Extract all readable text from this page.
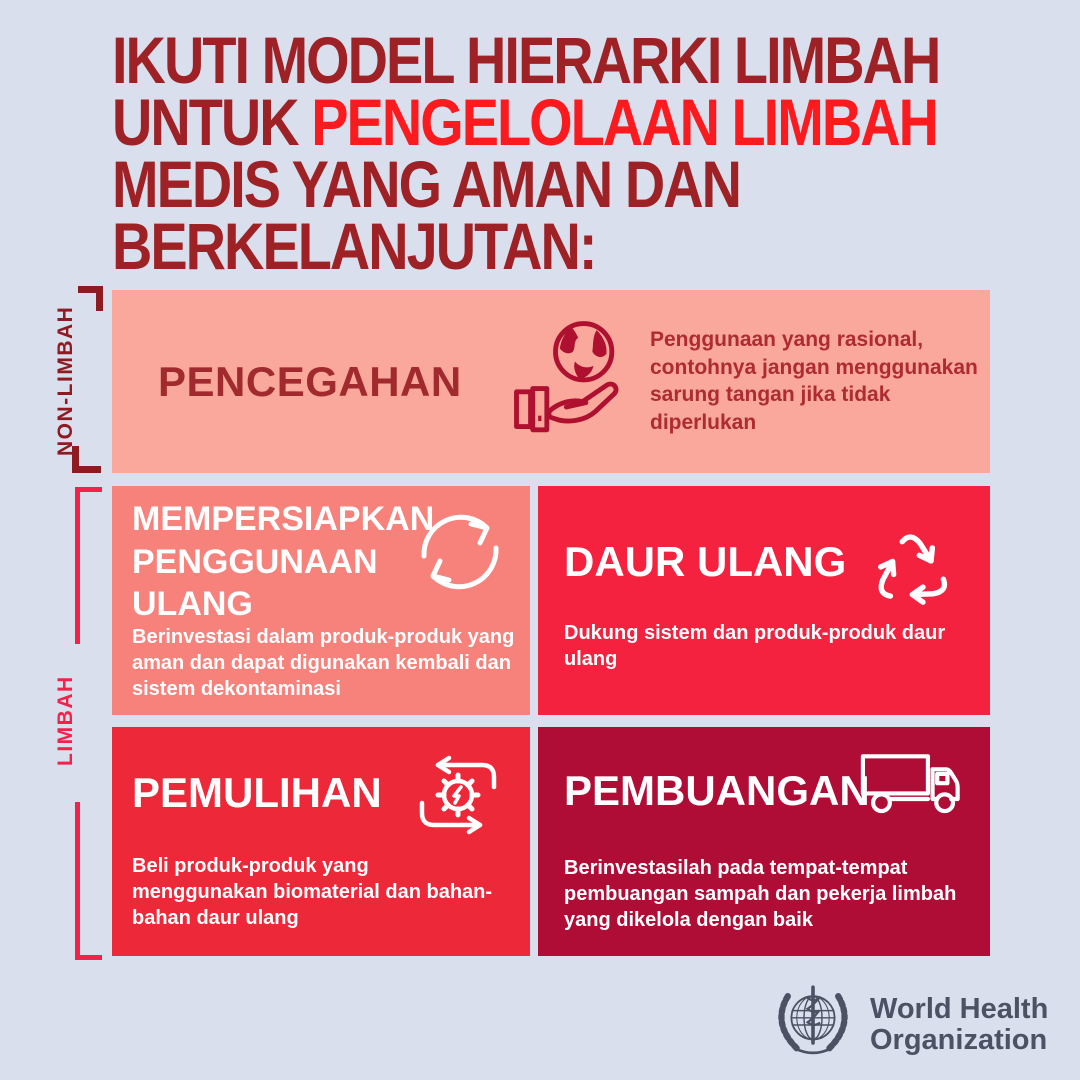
IKUTI MODEL HIERARKI LIMBAH
UNTUK PENGELOLAAN LIMBAH
MEDIS YANG AMAN DAN
BERKELANJUTAN:
NON-LIMBAH
LIMBAH
PENCEGAHAN

Penggunaan yang rasional, contohnya jangan menggunakan sarung tangan jika tidak diperlukan

MEMPERSIAPKAN PENGGUNAAN ULANG

Berinvestasi dalam produk-produk yang aman dan dapat digunakan kembali dan sistem dekontaminasi

DAUR ULANG

Dukung sistem dan produk-produk daur ulang

PEMULIHAN

Beli produk-produk yang menggunakan biomaterial dan bahan-bahan daur ulang

PEMBUANGAN

Berinvestasilah pada tempat-tempat pembuangan sampah dan pekerja limbah yang dikelola dengan baik

World Health
Organization
